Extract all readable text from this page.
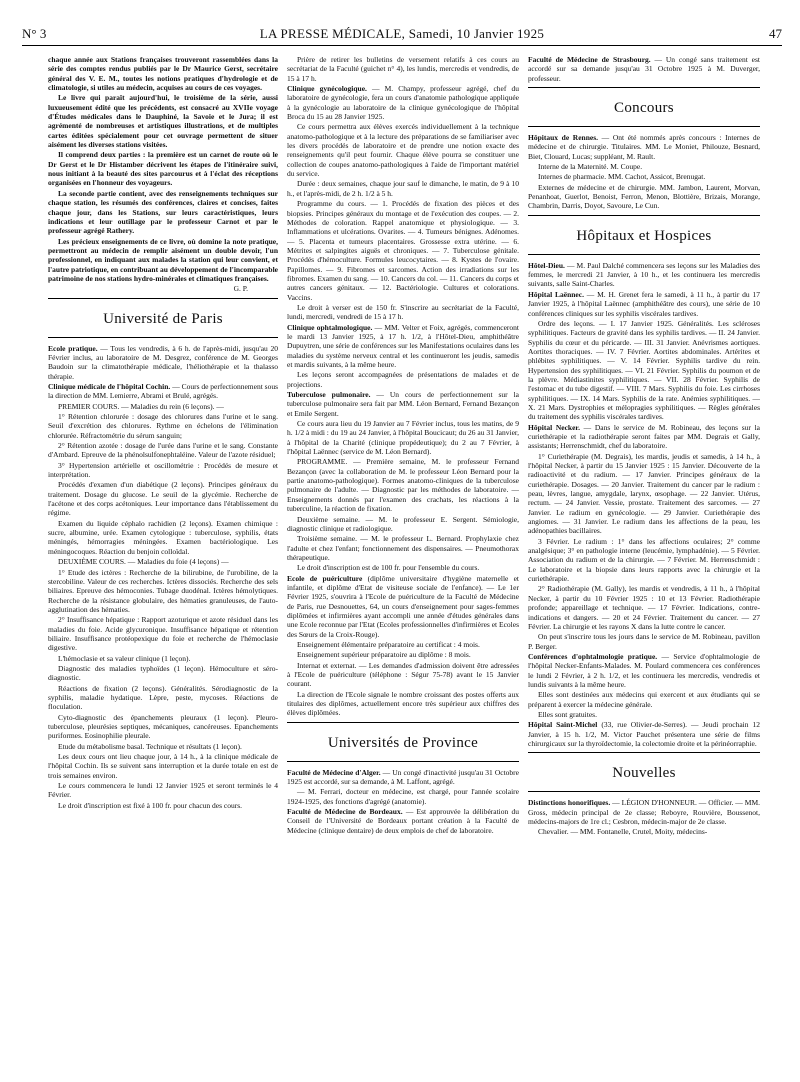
N° 3	LA PRESSE MÉDICALE, Samedi, 10 Janvier 1925	47

chaque année aux Stations françaises trouveront rassemblées dans la série des comptes rendus publiés par le Dr Maurice Gerst, secrétaire général des V. E. M., toutes les notions pratiques d'hydrologie et de climatologie, si utiles au médecin, acquises au cours de ces voyages.

Le livre qui paraît aujourd'hui, le troisième de la série, aussi luxueusement édité que les précédents, est consacré au XVIIe voyage d'Études médicales dans le Dauphiné, la Savoie et le Jura; il est agrémenté de nombreuses et artistiques illustrations, et de multiples cartes éditées spécialement pour cet ouvrage permettent de situer aisément les diverses stations visitées.

Il comprend deux parties : la première est un carnet de route où le Dr Gerst et le Dr Histamber décrivent les étapes de l'itinéraire suivi, nous initiant à la beauté des sites parcourus et à l'éclat des réceptions organisées en l'honneur des voyageurs.

La seconde partie contient, avec des renseignements techniques sur chaque station, les résumés des conférences, claires et concises, faites chaque jour, dans les Stations, sur leurs caractéristiques, leurs indications et leur outillage par le professeur Carnot et par le professeur agrégé Rathery.

Les précieux enseignements de ce livre, où domine la note pratique, permettront au médecin de remplir aisément un double devoir, l'un professionnel, en indiquant aux malades la station qui leur convient, et l'autre patriotique, en contribuant au développement de l'incomparable patrimoine de nos stations hydro-minérales et climatiques françaises.

G. P.

Université de Paris

Ecole pratique. — Tous les vendredis, à 6 h. de l'après-midi, jusqu'au 20 Février inclus, au laboratoire de M. Desgrez, conférence de M. Georges Baudoin sur la climatothérapie médicale, l'héliothérapie et la thalasso thérapie.

Clinique médicale de l'hôpital Cochin. — Cours de perfectionnement sous la direction de MM. Lemierre, Abrami et Brulé, agrégés.

PREMIER COURS. — Maladies du rein (6 leçons). —

1° Rétention chlorurée : dosage des chlorures dans l'urine et le sang. Seuil d'excrétion des chlorures. Rythme en échelons de l'élimination chlorurée. Réfractométrie du sérum sanguin;

2° Rétention azotée : dosage de l'urée dans l'urine et le sang. Constante d'Ambard. Epreuve de la phénolsulfonephtaléine. Valeur de l'azote résiduel;

3° Hypertension artérielle et oscillométrie : Procédés de mesure et interprétation.

Procédés d'examen d'un diabétique (2 leçons). Principes généraux du traitement. Dosage du glucose. Le seuil de la glycémie. Recherche de l'acétone et des corps acétoniques. Leur importance dans l'établissement du régime.

Examen du liquide céphalo rachidien (2 leçons). Examen chimique : sucre, albumine, urée. Examen cytologique : tuberculose, syphilis, états méningés, hémorragies méningées. Examen bactériologique. Les méningocoques. Réaction du benjoin colloïdal.

DEUXIÈME COURS. — Maladies du foie (4 leçons) —

1° Etude des ictères : Recherche de la bilirubine, de l'urobiline, de la stercobiline. Valeur de ces recherches. Ictères dissociés. Recherche des sels biliaires. Epreuve des hémoconies. Tubage duodénal. Ictères hémolytiques. Recherche de la résistance globulaire, des hématies granuleuses, de l'auto-agglutination des hématies.

2° Insuffisance hépatique : Rapport azoturique et azote résiduel dans les maladies du foie. Acide glycuronique. Insuffisance hépatique et rétention biliaire. Insuffisance protéopexique du foie et recherche de l'hémoclasie digestive.

L'hémoclasie et sa valeur clinique (1 leçon).

Diagnostic des maladies typhoïdes (1 leçon). Hémoculture et séro-diagnostic.

Réactions de fixation (2 leçons). Généralités. Sérodiagnostic de la syphilis, maladie hydatique. Lèpre, peste, mycoses. Réactions de floculation.

Cyto-diagnostic des épanchements pleuraux (1 leçon). Pleuro-tuberculose, pleurésies septiques, mécaniques, cancéreuses. Epanchements puriformes. Eosinophilie pleurale.

Etude du métabolisme basal. Technique et résultats (1 leçon).

Les deux cours ont lieu chaque jour, à 14 h., à la clinique médicale de l'hôpital Cochin. Ils se suivent sans interruption et la durée totale en est de trois semaines environ.

Le cours commencera le lundi 12 Janvier 1925 et seront terminés le 4 Février.

Le droit d'inscription est fixé à 100 fr. pour chacun des cours.

Prière de retirer les bulletins de versement relatifs à ces cours au secrétariat de la Faculté (guichet n° 4), les lundis, mercredis et vendredis, de 15 à 17 h.

Clinique gynécologique. — M. Champy, professeur agrégé, chef du laboratoire de gynécologie, fera un cours d'anatomie pathologique appliquée à la gynécologie au laboratoire de la clinique gynécologique de l'hôpital Broca du 15 au 28 Janvier 1925.

Ce cours permettra aux élèves exercés individuellement à la technique anatomo-pathologique et à la lecture des préparations de se familiariser avec les divers procédés de laboratoire et de prendre une notion exacte des renseignements qu'il peut fournir. Chaque élève pourra se constituer une collection de coupes anatomo-pathologiques à l'aide de l'important matériel du service.

Durée : deux semaines, chaque jour sauf le dimanche, le matin, de 9 à 10 h., et l'après-midi, de 2 h. 1/2 à 5 h.

Programme du cours. — 1. Procédés de fixation des pièces et des biopsies. Principes généraux du montage et de l'exécution des coupes. — 2. Méthodes de coloration. Rappel anatomique et physiologique. — 3. Inflammations et ulcérations. Ovarites. — 4. Tumeurs bénignes. Adénomes. — 5. Placenta et tumeurs placentaires. Grossesse extra utérine. — 6. Métrites et salpingites aiguës et chroniques. — 7. Tuberculose génitale. Procédés d'hémoculture. Formules leucocytaires. — 8. Kystes de l'ovaire. Papillomes. — 9. Fibromes et sarcomes. Action des irradiations sur les fibromes. Examen du sang. — 10. Cancers du col. — 11. Cancers du corps et autres cancers génitaux. — 12. Bactériologie. Cultures et colorations. Vaccins.

Le droit à verser est de 150 fr. S'inscrire au secrétariat de la Faculté, lundi, mercredi, vendredi de 15 à 17 h.

Clinique ophtalmologique. — MM. Velter et Foix, agrégés, commenceront le mardi 13 Janvier 1925, à 17 h. 1/2, à l'Hôtel-Dieu, amphithéâtre Dupuytren, une série de conférences sur les Manifestations oculaires dans les maladies du système nerveux central et les continueront les jeudis, samedis et mardis suivants, à la même heure.

Les leçons seront accompagnées de présentations de malades et de projections.

Tuberculose pulmonaire. — Un cours de perfectionnement sur la tuberculose pulmonaire sera fait par MM. Léon Bernard, Fernand Bezançon et Emile Sergent.

Ce cours aura lieu du 19 Janvier au 7 Février inclus, tous les matins, de 9 h. 1/2 à midi : du 19 au 24 Janvier, à l'hôpital Boucicaut; du 26 au 31 Janvier, à l'hôpital de la Charité (clinique propédeutique); du 2 au 7 Février, à l'hôpital Laënnec (service de M. Léon Bernard).

PROGRAMME. — Première semaine, M. le professeur Fernand Bezançon (avec la collaboration de M. le professeur Léon Bernard pour la partie anatomo-pathologique). Formes anatomo-cliniques de la tuberculose pulmonaire de l'adulte. — Diagnostic par les méthodes de laboratoire. — Enseignements donnés par l'examen des crachats, les réactions à la tuberculine, la réaction de fixation.

Deuxième semaine. — M. le professeur E. Sergent. Sémiologie, diagnostic clinique et radiologique.

Troisième semaine. — M. le professeur L. Bernard. Prophylaxie chez l'adulte et chez l'enfant; fonctionnement des dispensaires. — Pneumothorax thérapeutique.

Le droit d'inscription est de 100 fr. pour l'ensemble du cours.

Ecole de puériculture (diplôme universitaire d'hygiène maternelle et infantile, et diplôme d'Etat de visiteuse sociale de l'enfance). — Le 1er Février 1925, s'ouvrira à l'Ecole de puériculture de la Faculté de Médecine de Paris, rue Desnouettes, 64, un cours d'enseignement pour sages-femmes diplômées et infirmières ayant accompli une année d'études générales dans une Ecole reconnue par l'Etat (Ecoles professionnelles d'infirmières et Ecoles des Sœurs de la Croix-Rouge).

Enseignement élémentaire préparatoire au certificat : 4 mois.

Enseignement supérieur préparatoire au diplôme : 8 mois.

Internat et externat. — Les demandes d'admission doivent être adressées à l'Ecole de puériculture (téléphone : Ségur 75-78) avant le 15 Janvier courant.

La direction de l'Ecole signale le nombre croissant des postes offerts aux titulaires des diplômes, actuellement encore très supérieur aux chiffres des élèves diplômées.

Universités de Province

Faculté de Médecine d'Alger. — Un congé d'inactivité jusqu'au 31 Octobre 1925 est accordé, sur sa demande, à M. Laffont, agrégé.

— M. Ferrari, docteur en médecine, est chargé, pour l'année scolaire 1924-1925, des fonctions d'agrégé (anatomie).

Faculté de Médecine de Bordeaux. — Est approuvée la délibération du Conseil de l'Université de Bordeaux portant création à la Faculté de Médecine (clinique dentaire) de deux emplois de chef de laboratoire.

Faculté de Médecine de Strasbourg. — Un congé sans traitement est accordé sur sa demande jusqu'au 31 Octobre 1925 à M. Duverger, professeur.

Concours

Hôpitaux de Rennes. — Ont été nommés après concours : Internes de médecine et de chirurgie. Titulaires. MM. Le Moniet, Philouze, Besnard, Biet, Clouard, Lucas; suppléant, M. Rault.

Interne de la Maternité. M. Coupe.

Internes de pharmacie. MM. Cachot, Assicot, Brenugat.

Externes de médecine et de chirurgie. MM. Jambon, Laurent, Morvan, Penanhoat, Guerlot, Benoist, Ferron, Menon, Blottière, Brizais, Morange, Chambrin, Darris, Doyot, Savoure, Le Cun.

Hôpitaux et Hospices

Hôtel-Dieu. — M. Paul Dalché commencera ses leçons sur les Maladies des femmes, le mercredi 21 Janvier, à 10 h., et les continuera les mercredis suivants, salle Saint-Charles.

Hôpital Laënnec. — M. H. Grenet fera le samedi, à 11 h., à partir du 17 Janvier 1925, à l'hôpital Laënnec (amphithéâtre des cours), une série de 10 conférences cliniques sur les syphilis viscérales tardives.

Ordre des leçons. — I. 17 Janvier 1925. Généralités. Les scléroses syphilitiques. Facteurs de gravité dans les syphilis tardives. — II. 24 Janvier. Syphilis du cœur et du péricarde. — III. 31 Janvier. Anévrismes aortiques. Aortites thoraciques. — IV. 7 Février. Aortites abdominales. Artérites et phlébites syphilitiques. — V. 14 Février. Syphilis tardive du rein. Hypertension des syphilitiques. — VI. 21 Février. Syphilis du poumon et de la plèvre. Médiastinites syphilitiques. — VII. 28 Février. Syphilis de l'estomac et du tube digestif. — VIII. 7 Mars. Syphilis du foie. Les cirrhoses syphilitiques. — IX. 14 Mars. Syphilis de la rate. Anémies syphilitiques. — X. 21 Mars. Dystrophies et mélopragies syphilitiques. — Règles générales du traitement des syphilis viscérales tardives.

Hôpital Necker. — Dans le service de M. Robineau, des leçons sur la curiethérapie et la radiothérapie seront faites par MM. Degrais et Gally, assistants; Herrenschmidt, chef du laboratoire.

1° Curiethérapie (M. Degrais), les mardis, jeudis et samedis, à 14 h., à l'hôpital Necker, à partir du 15 Janvier 1925 : 15 Janvier. Découverte de la radioactivité et du radium. — 17 Janvier. Principes généraux de la curiethérapie. Dosages. — 20 Janvier. Traitement du cancer par le radium : peau, lèvres, langue, amygdale, larynx, œsophage. — 22 Janvier. Utérus, rectum. — 24 Janvier. Vessie, prostate. Traitement des sarcomes. — 27 Janvier. Le radium en gynécologie. — 29 Janvier. Curiethérapie des angiomes. — 31 Janvier. Le radium dans les affections de la peau, les adénopathies bacillaires.

3 Février. Le radium : 1° dans les affections oculaires; 2° comme analgésique; 3° en pathologie interne (leucémie, lymphadénie). — 5 Février. Association du radium et de la chirurgie. — 7 Février. M. Herrenschmidt : Le laboratoire et la biopsie dans leurs rapports avec la chirurgie et la curiethérapie.

2° Radiothérapie (M. Gally), les mardis et vendredis, à 11 h., à l'hôpital Necker, à partir du 10 Février 1925 : 10 et 13 Février. Radiothérapie profonde; appareillage et technique. — 17 Février. Indications, contre-indications et dangers. — 20 et 24 Février. Traitement du cancer. — 27 Février. La chirurgie et les rayons X dans la lutte contre le cancer.

On peut s'inscrire tous les jours dans le service de M. Robineau, pavillon P. Berger.

Conférences d'ophtalmologie pratique. — Service d'ophtalmologie de l'hôpital Necker-Enfants-Malades. M. Poulard commencera ces conférences le lundi 2 Février, à 2 h. 1/2, et les continuera les mercredis, vendredis et lundis suivants à la même heure.

Elles sont destinées aux médecins qui exercent et aux étudiants qui se préparent à exercer la médecine générale.

Elles sont gratuites.

Hôpital Saint-Michel (33, rue Olivier-de-Serres). — Jeudi prochain 12 Janvier, à 15 h. 1/2, M. Victor Pauchet présentera une série de films chirurgicaux sur la thyroïdectomie, la colectomie droite et la périnéorraphie.

Nouvelles

Distinctions honorifiques. — LÉGION D'HONNEUR. — Officier. — MM. Gross, médecin principal de 2e classe; Reboyre, Rouvière, Boussenot, médecins-majors de 1re cl.; Cesbron, médecin-major de 2e classe.

Chevalier. — MM. Fontanelle, Crutel, Moity, médecins-
